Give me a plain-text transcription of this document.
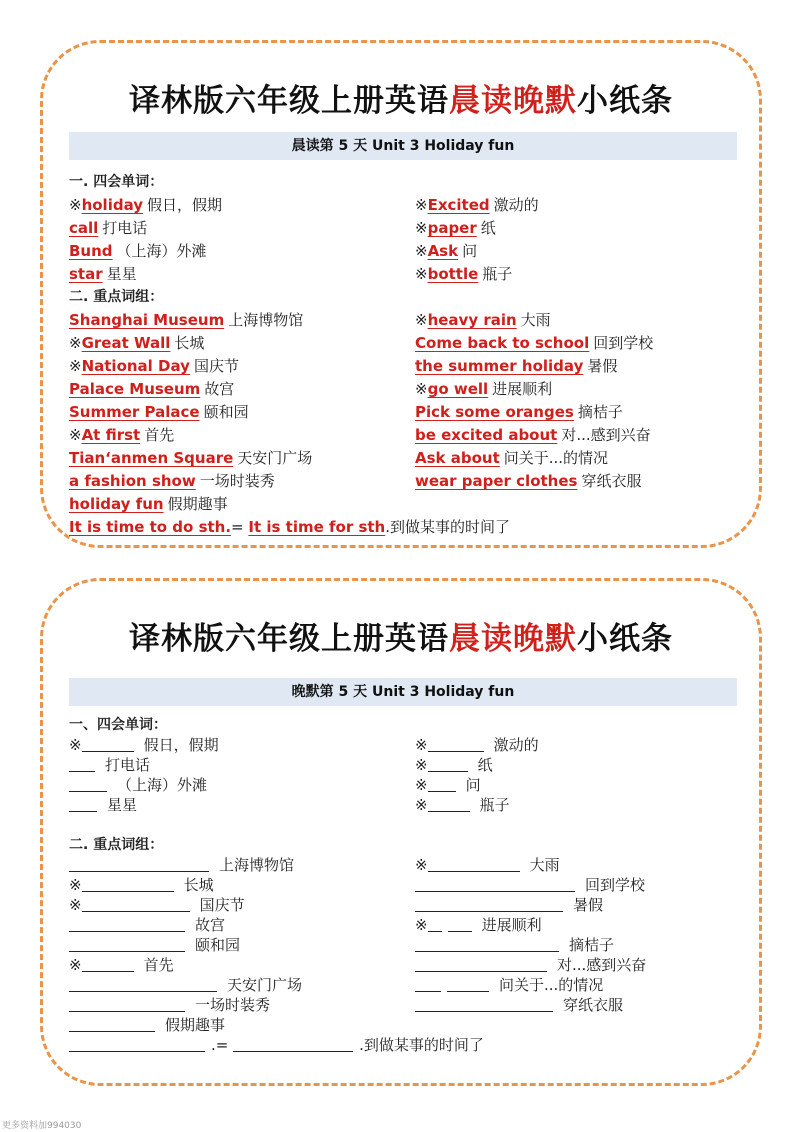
译林版六年级上册英语晨读晚默小纸条
晨读第 5 天 Unit 3 Holiday fun
一. 四会单词：
※holiday 假日，假期
call 打电话
Bund （上海）外滩
star 星星
二. 重点词组：
Shanghai Museum 上海博物馆
※Great Wall 长城
※National Day 国庆节
Palace Museum 故宫
Summer Palace 颐和园
※At first 首先
Tian‘anmen Square 天安门广场
a fashion show 一场时装秀
holiday fun 假期趣事
It is time to do sth.= It is time for sth.到做某事的时间了
※Excited 激动的
※paper 纸
※Ask 问
※bottle 瓶子
※heavy rain 大雨
Come back to school 回到学校
the summer holiday 暑假
※go well 进展顺利
Pick some oranges 摘桔子
be excited about 对...感到兴奋
Ask about 问关于...的情况
wear paper clothes 穿纸衣服
译林版六年级上册英语晨读晚默小纸条
晚默第 5 天 Unit 3 Holiday fun
一、四会单词：
※	假日，假期
打电话
（上海）外滩
星星
二. 重点词组：
上海博物馆
※	长城
※	国庆节
故宫
颐和园
※	首先
天安门广场
一场时装秀
假期趣事
.=	.到做某事的时间了
※	激动的
※	纸
※	问
※	瓶子
※	大雨
回到学校
暑假
※	进展顺利
摘桔子
对...感到兴奋
问关于...的情况
穿纸衣服
更多资料加994030
